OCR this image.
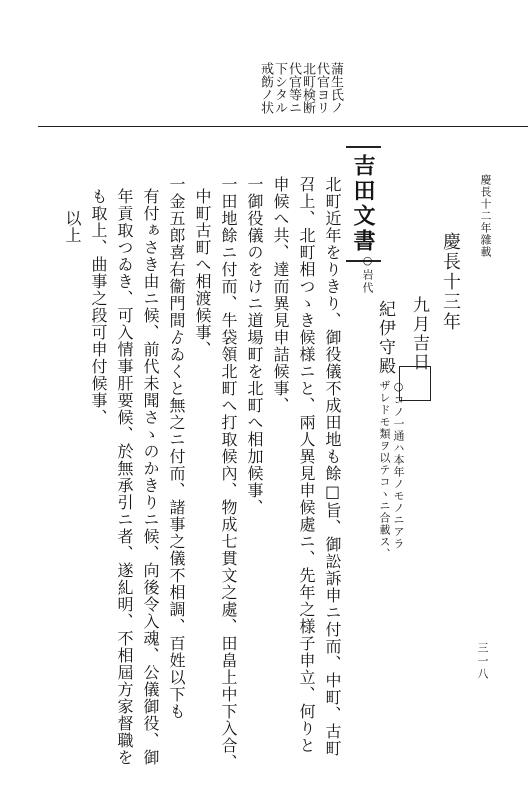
慶長十二年雜載
三一八
蒲生氏ノ
代官ヨリ
北町検断
代官等ニ
下シタル
戒飭ノ状
慶長十三年
九月吉日
紀伊守殿
○コノ一通ハ本年ノモノニアラ
ザレドモ類ヲ以テコヽニ合載ス、
吉田文書
○岩代
北町近年をりきり、御役儀不成田地も餘□旨、御訟訴申ニ付而、中町、古町
召上、北町相つゝき候様ニと、兩人異見申候處ニ、先年之様子申立、何りと
申候へ共、達而異見申詰候事、
一御役儀のをけニ道場町を北町へ相加候事、
一田地餘ニ付而、牛袋領北町へ打取候內、物成七貫文之處、田畠上中下入合、
中町古町へ相渡候事、
一金五郎喜右衞門間ゟゐくと無之ニ付而、諸事之儀不相調、百姓以下も
有付ぁさき由ニ候、前代未聞さゝのかきりニ候、向後令入魂、公儀御役、御
年貢取つゐき、可入情事肝要候、於無承引ニ者、遂糺明、不相屆方家督職を
も取上、曲事之段可申付候事、
以上
